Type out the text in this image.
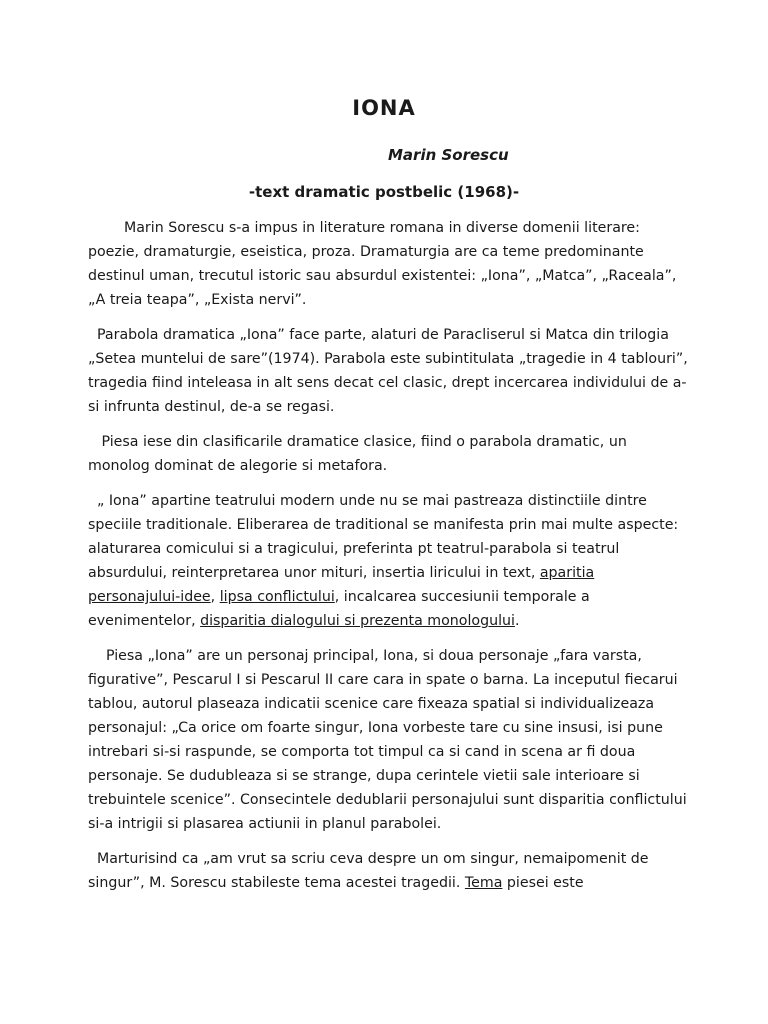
IONA

Marin Sorescu

-text dramatic postbelic (1968)-

Marin Sorescu s-a impus in literature romana in diverse domenii literare: poezie, dramaturgie, eseistica, proza. Dramaturgia are ca teme predominante destinul uman, trecutul istoric sau absurdul existentei: „Iona”, „Matca”, „Raceala”, „A treia teapa”, „Exista nervi”.

Parabola dramatica „Iona” face parte, alaturi de Paracliserul si Matca din trilogia „Setea muntelui de sare”(1974). Parabola este subintitulata „tragedie in 4 tablouri”, tragedia fiind inteleasa in alt sens decat cel clasic, drept incercarea individului de a-si infrunta destinul, de-a se regasi.

Piesa iese din clasificarile dramatice clasice, fiind o parabola dramatic, un monolog dominat de alegorie si metafora.

„ Iona” apartine teatrului modern unde nu se mai pastreaza distinctiile dintre speciile traditionale. Eliberarea de traditional se manifesta prin mai multe aspecte: alaturarea comicului si a tragicului, preferinta pt teatrul-parabola si teatrul absurdului, reinterpretarea unor mituri, insertia liricului in text, aparitia personajului-idee, lipsa conflictului, incalcarea succesiunii temporale a evenimentelor, disparitia dialogului si prezenta monologului.

Piesa „Iona” are un personaj principal, Iona, si doua personaje „fara varsta, figurative”, Pescarul I si Pescarul II care cara in spate o barna. La inceputul fiecarui tablou, autorul plaseaza indicatii scenice care fixeaza spatial si individualizeaza personajul: „Ca orice om foarte singur, Iona vorbeste tare cu sine insusi, isi pune intrebari si-si raspunde, se comporta tot timpul ca si cand in scena ar fi doua personaje. Se dudubleaza si se strange, dupa cerintele vietii sale interioare si trebuintele scenice”. Consecintele dedublarii personajului sunt disparitia conflictului si-a intrigii si plasarea actiunii in planul parabolei.

Marturisind ca „am vrut sa scriu ceva despre un om singur, nemaipomenit de singur”, M. Sorescu stabileste tema acestei tragedii. Tema piesei este
